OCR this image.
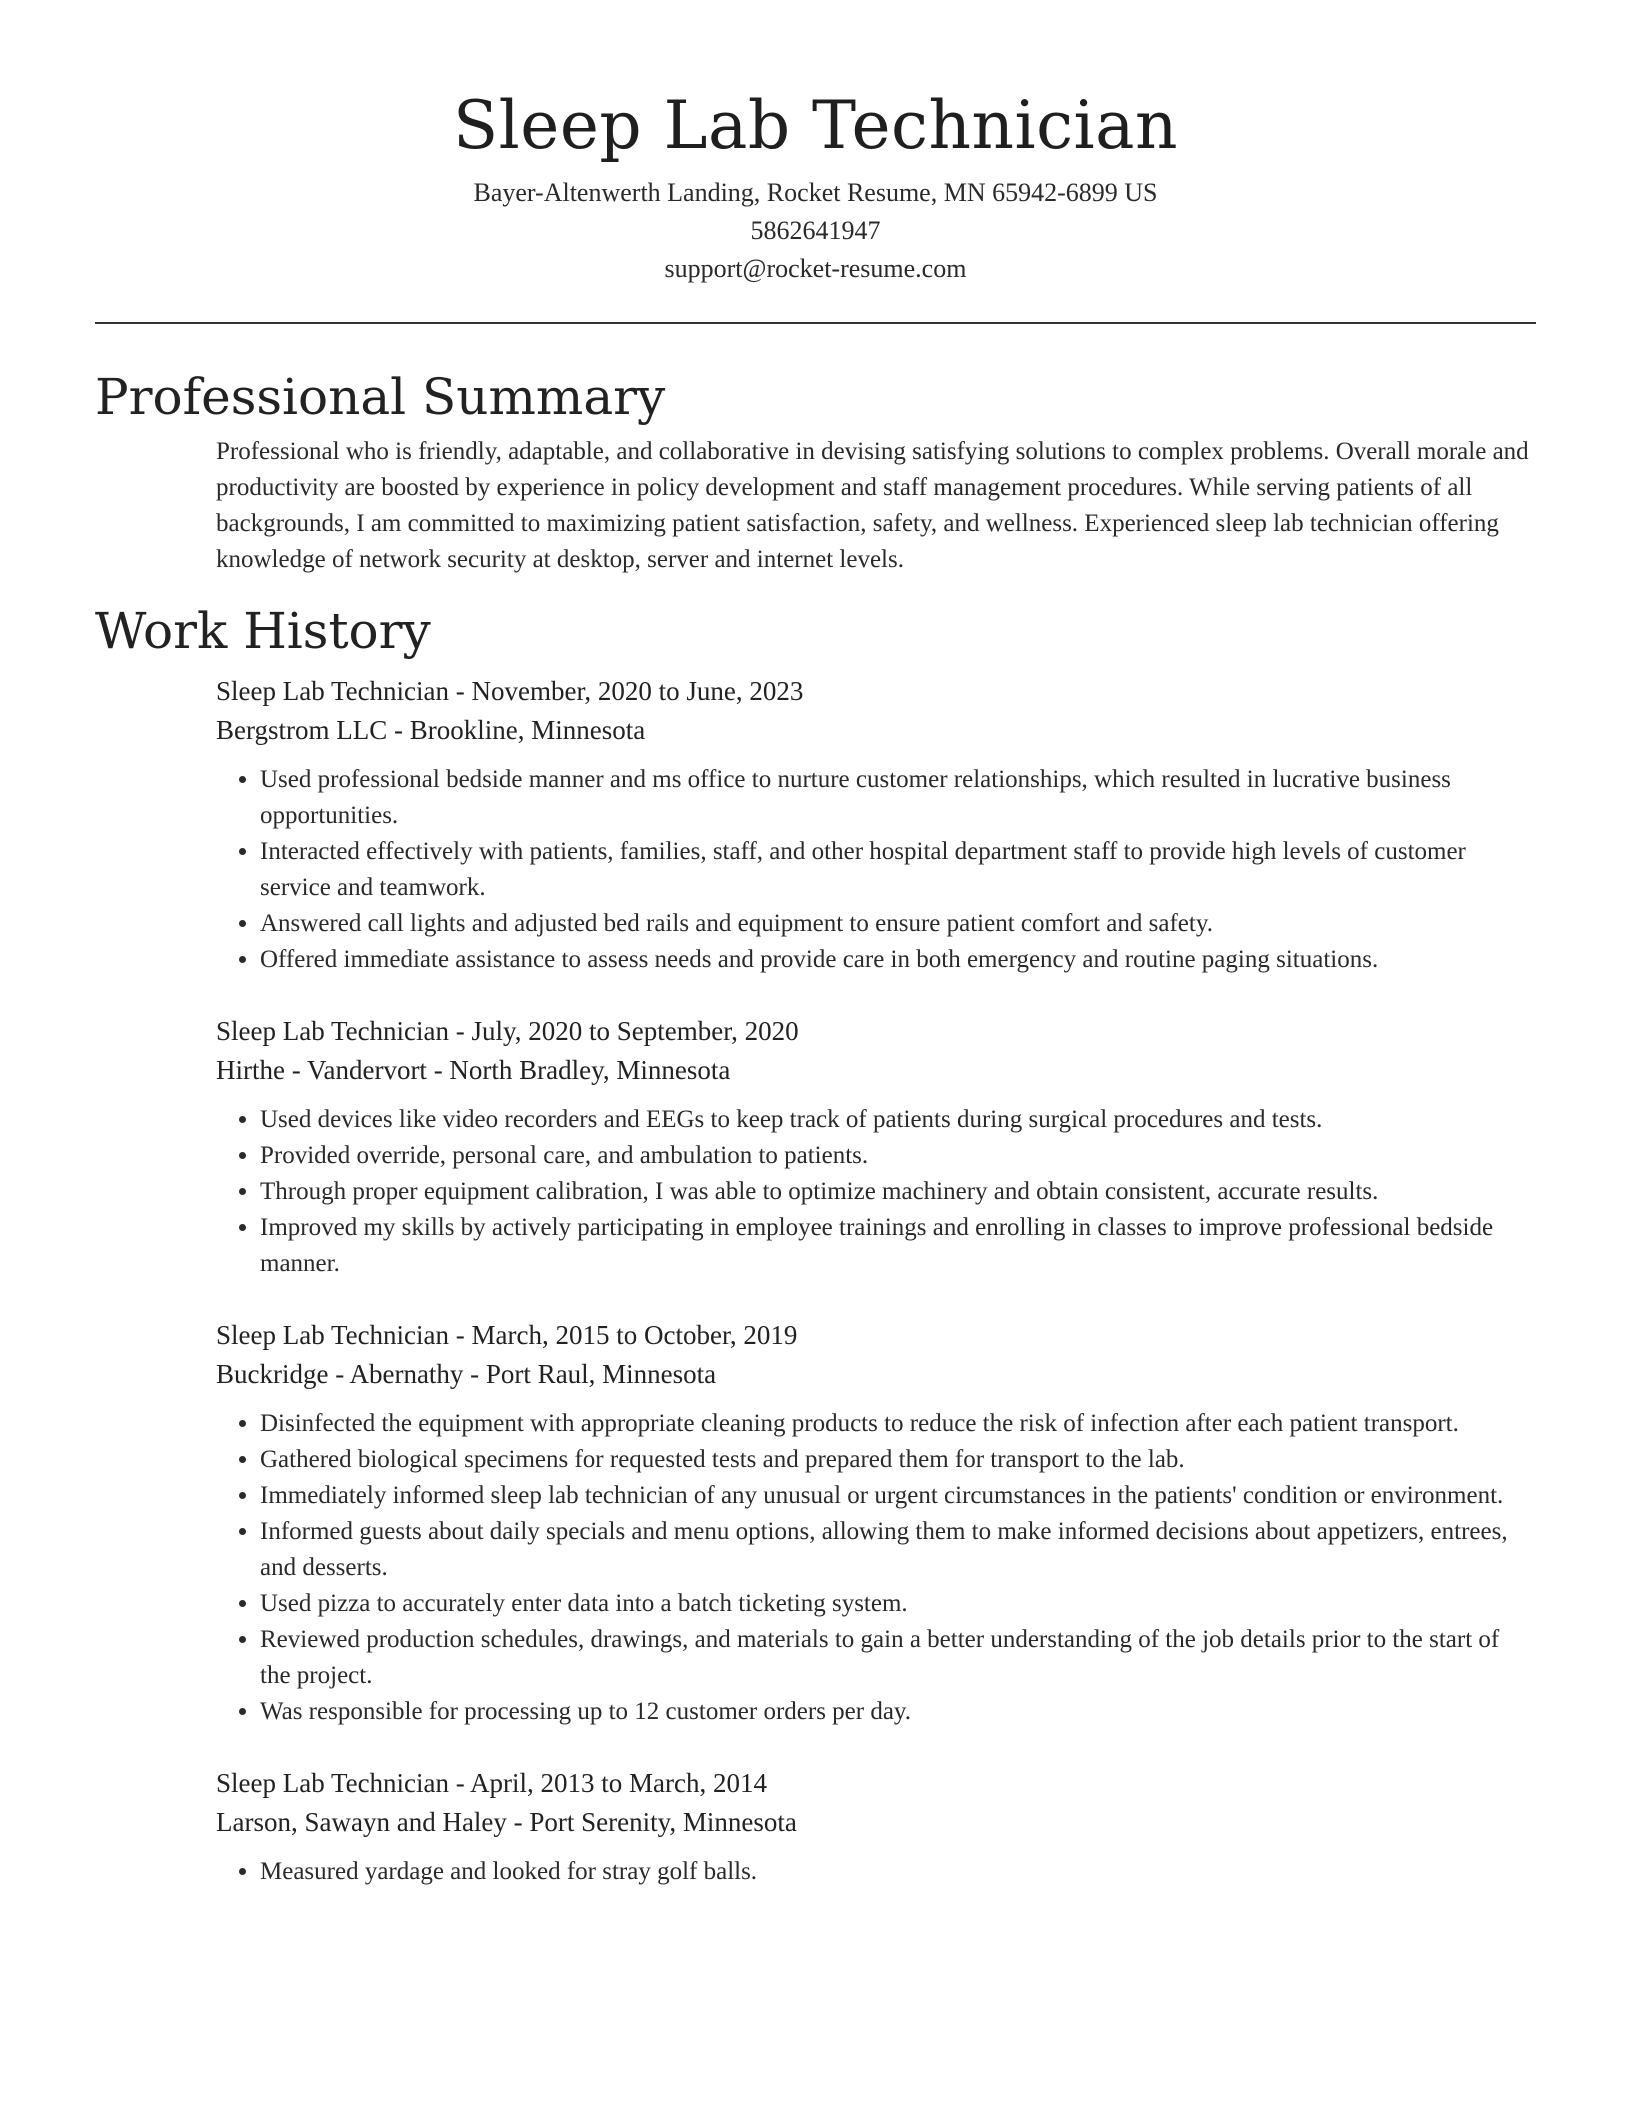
Sleep Lab Technician
Bayer-Altenwerth Landing, Rocket Resume, MN 65942-6899 US
5862641947
support@rocket-resume.com
Professional Summary
Professional who is friendly, adaptable, and collaborative in devising satisfying solutions to complex problems. Overall morale and productivity are boosted by experience in policy development and staff management procedures. While serving patients of all backgrounds, I am committed to maximizing patient satisfaction, safety, and wellness. Experienced sleep lab technician offering knowledge of network security at desktop, server and internet levels.
Work History
Sleep Lab Technician - November, 2020 to June, 2023
Bergstrom LLC - Brookline, Minnesota
• Used professional bedside manner and ms office to nurture customer relationships, which resulted in lucrative business opportunities.
• Interacted effectively with patients, families, staff, and other hospital department staff to provide high levels of customer service and teamwork.
• Answered call lights and adjusted bed rails and equipment to ensure patient comfort and safety.
• Offered immediate assistance to assess needs and provide care in both emergency and routine paging situations.
Sleep Lab Technician - July, 2020 to September, 2020
Hirthe - Vandervort - North Bradley, Minnesota
• Used devices like video recorders and EEGs to keep track of patients during surgical procedures and tests.
• Provided override, personal care, and ambulation to patients.
• Through proper equipment calibration, I was able to optimize machinery and obtain consistent, accurate results.
• Improved my skills by actively participating in employee trainings and enrolling in classes to improve professional bedside manner.
Sleep Lab Technician - March, 2015 to October, 2019
Buckridge - Abernathy - Port Raul, Minnesota
• Disinfected the equipment with appropriate cleaning products to reduce the risk of infection after each patient transport.
• Gathered biological specimens for requested tests and prepared them for transport to the lab.
• Immediately informed sleep lab technician of any unusual or urgent circumstances in the patients' condition or environment.
• Informed guests about daily specials and menu options, allowing them to make informed decisions about appetizers, entrees, and desserts.
• Used pizza to accurately enter data into a batch ticketing system.
• Reviewed production schedules, drawings, and materials to gain a better understanding of the job details prior to the start of the project.
• Was responsible for processing up to 12 customer orders per day.
Sleep Lab Technician - April, 2013 to March, 2014
Larson, Sawayn and Haley - Port Serenity, Minnesota
• Measured yardage and looked for stray golf balls.
